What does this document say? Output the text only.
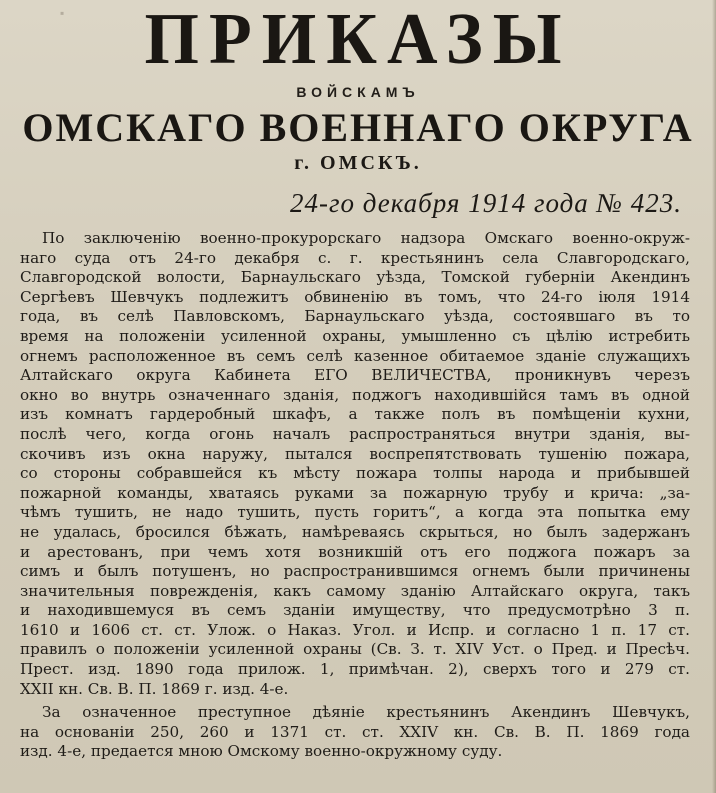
▪	ПРИКАЗЫ
ВОЙСКАМЪ
ОМСКАГО ВОЕННАГО ОКРУГА
г. ОМСКЪ.
24-го декабря 1914 года № 423.
По заключенію военно-прокурорскаго надзора Омскаго военно-окруж-
наго суда отъ 24-го декабря с. г. крестьянинъ села Славгородскаго,
Славгородской волости, Барнаульскаго уѣзда, Томской губерніи Акендинъ
Сергѣевъ Шевчукъ подлежитъ обвиненію въ томъ, что 24-го іюля 1914
года, въ селѣ Павловскомъ, Барнаульскаго уѣзда, состоявшаго въ то
время на положеніи усиленной охраны, умышленно съ цѣлію истребить
огнемъ расположенное въ семъ селѣ казенное обитаемое зданіе служащихъ
Алтайскаго округа Кабинета ЕГО ВЕЛИЧЕСТВА, проникнувъ черезъ
окно во внутрь означеннаго зданія, поджогъ находившійся тамъ въ одной
изъ комнатъ гардеробный шкафъ, а также полъ въ помѣщеніи кухни,
послѣ чего, когда огонь началъ распространяться внутри зданія, вы-
скочивъ изъ окна наружу, пытался воспрепятствовать тушенію пожара,
со стороны собравшейся къ мѣсту пожара толпы народа и прибывшей
пожарной команды, хватаясь руками за пожарную трубу и крича: „за-
чѣмъ тушить, не надо тушить, пусть горитъ“, а когда эта попытка ему
не удалась, бросился бѣжать, намѣреваясь скрыться, но былъ задержанъ
и арестованъ, при чемъ хотя возникшій отъ его поджога пожаръ за
симъ и былъ потушенъ, но распространившимся огнемъ были причинены
значительныя поврежденія, какъ самому зданію Алтайскаго округа, такъ
и находившемуся въ семъ зданіи имуществу, что предусмотрѣно 3 п.
1610 и 1606 ст. ст. Улож. о Наказ. Угол. и Испр. и согласно 1 п. 17 ст.
правилъ о положеніи усиленной охраны (Св. З. т. XIV Уст. о Пред. и Пресѣч.
Прест. изд. 1890 года прилож. 1, примѣчан. 2), сверхъ того и 279 ст.
XXII кн. Св. В. П. 1869 г. изд. 4-е.
За означенное преступное дѣяніе крестьянинъ Акендинъ Шевчукъ,
на основаніи 250, 260 и 1371 ст. ст. XXIV кн. Св. В. П. 1869 года
изд. 4-е, предается мною Омскому военно-окружному суду.
